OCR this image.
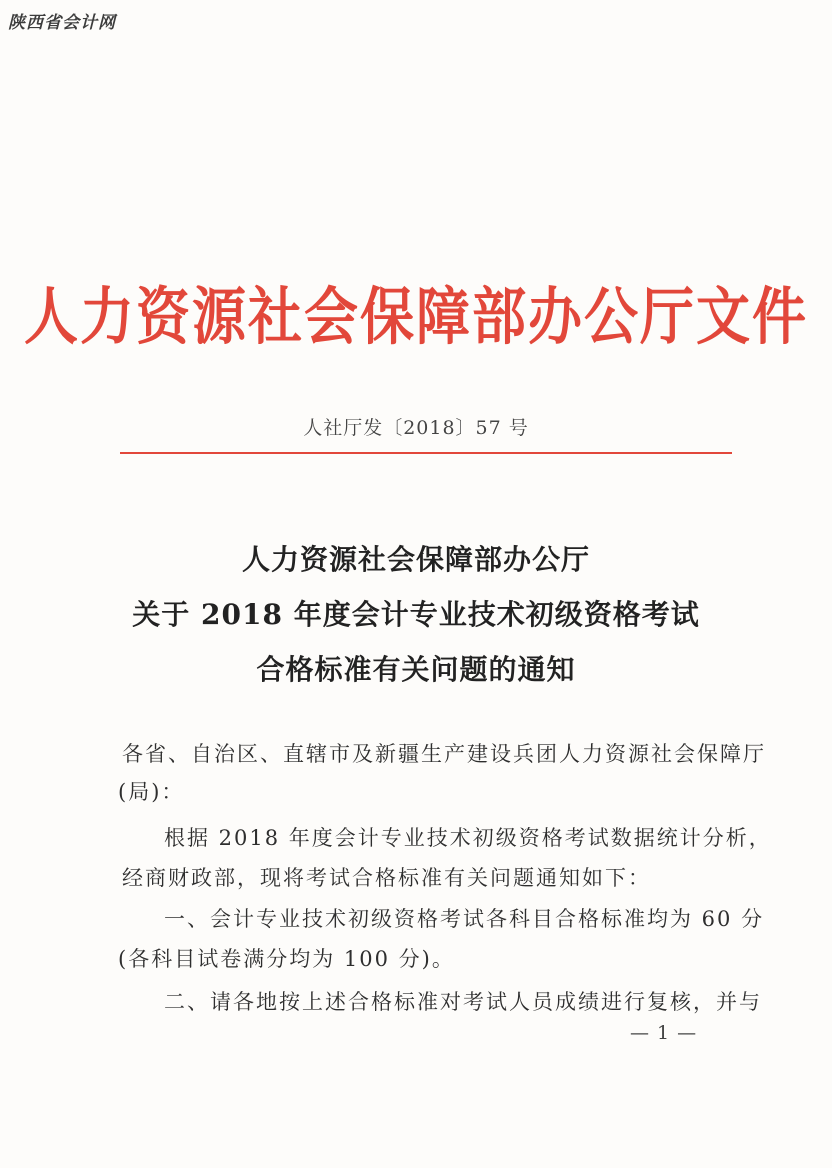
陕西省会计网
人力资源社会保障部办公厅文件
人社厅发〔2018〕57 号
人力资源社会保障部办公厅
关于 2018 年度会计专业技术初级资格考试
合格标准有关问题的通知
各省、自治区、直辖市及新疆生产建设兵团人力资源社会保障厅
(局)：
根据 2018 年度会计专业技术初级资格考试数据统计分析，
经商财政部，现将考试合格标准有关问题通知如下：
一、会计专业技术初级资格考试各科目合格标准均为 60 分
(各科目试卷满分均为 100 分)。
二、请各地按上述合格标准对考试人员成绩进行复核，并与
— 1 —
